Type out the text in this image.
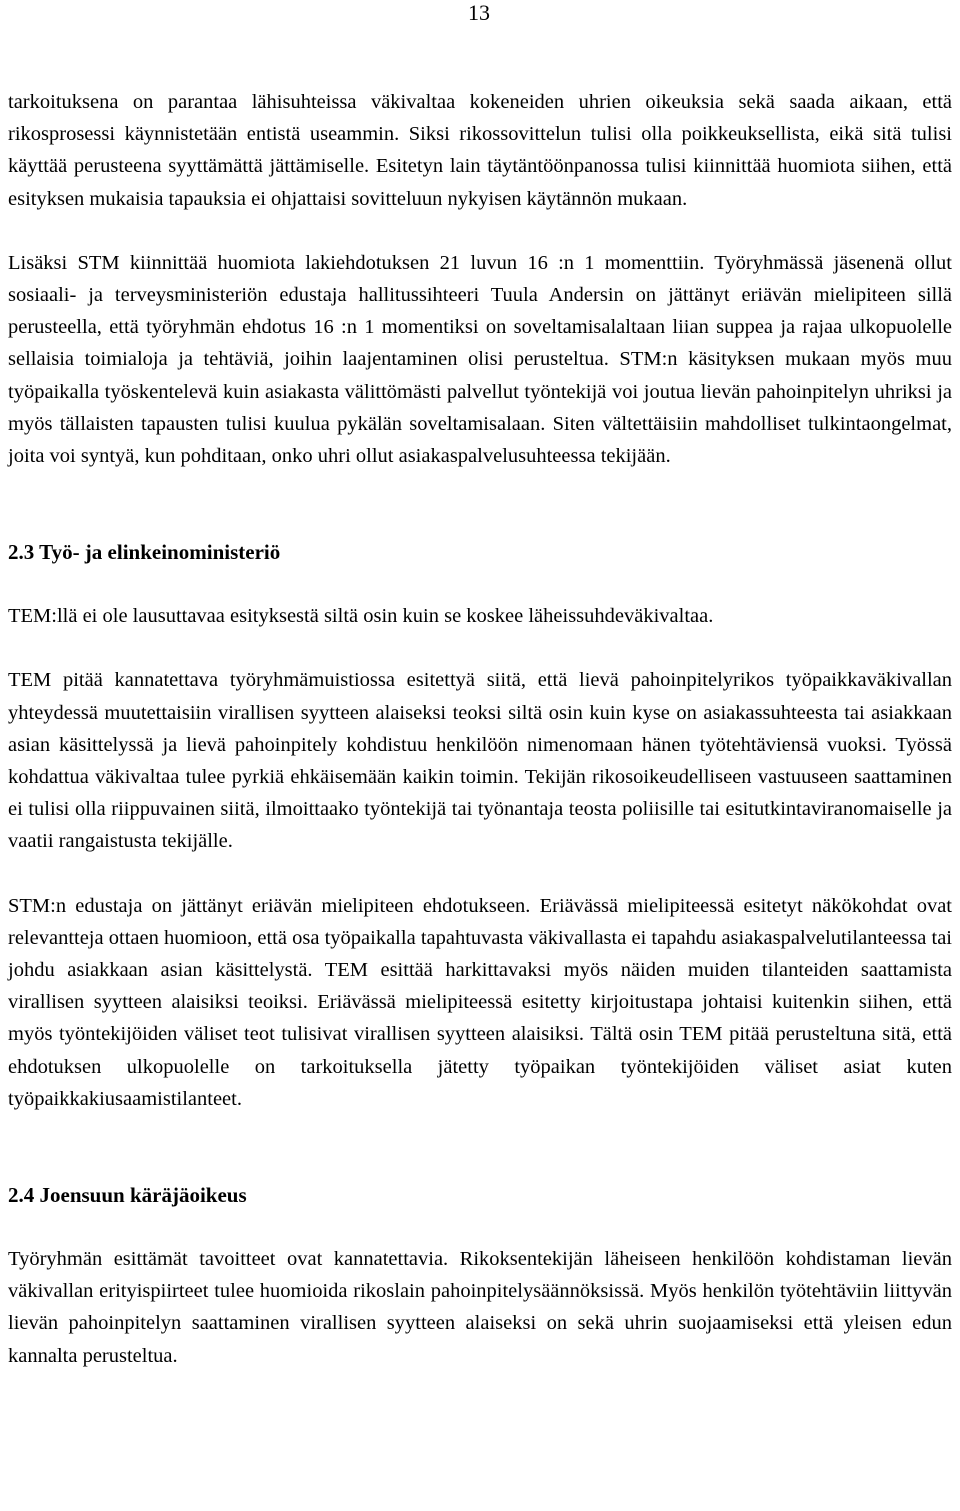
13

tarkoituksena on parantaa lähisuhteissa väkivaltaa kokeneiden uhrien oikeuksia sekä saada aikaan, että rikosprosessi käynnistetään entistä useammin. Siksi rikossovittelun tulisi olla poikkeuksellista, eikä sitä tulisi käyttää perusteena syyttämättä jättämiselle. Esitetyn lain täytäntöönpanossa tulisi kiinnittää huomiota siihen, että esityksen mukaisia tapauksia ei ohjattaisi sovitteluun nykyisen käytännön mukaan.

Lisäksi STM kiinnittää huomiota lakiehdotuksen 21 luvun 16 :n 1 momenttiin. Työryhmässä jäsenenä ollut sosiaali- ja terveysministeriön edustaja hallitussihteeri Tuula Andersin on jättänyt eriävän mielipiteen sillä perusteella, että työryhmän ehdotus 16 :n 1 momentiksi on soveltamisalaltaan liian suppea ja rajaa ulkopuolelle sellaisia toimialoja ja tehtäviä, joihin laajentaminen olisi perusteltua. STM:n käsityksen mukaan myös muu työpaikalla työskentelevä kuin asiakasta välittömästi palvellut työntekijä voi joutua lievän pahoinpitelyn uhriksi ja myös tällaisten tapausten tulisi kuulua pykälän soveltamisalaan. Siten vältettäisiin mahdolliset tulkintaongelmat, joita voi syntyä, kun pohditaan, onko uhri ollut asiakaspalvelusuhteessa tekijään.

2.3 Työ- ja elinkeinoministeriö

TEM:llä ei ole lausuttavaa esityksestä siltä osin kuin se koskee läheissuhdeväkivaltaa.

TEM pitää kannatettava työryhmämuistiossa esitettyä siitä, että lievä pahoinpitelyrikos työpaikkaväkivallan yhteydessä muutettaisiin virallisen syytteen alaiseksi teoksi siltä osin kuin kyse on asiakassuhteesta tai asiakkaan asian käsittelyssä ja lievä pahoinpitely kohdistuu henkilöön nimenomaan hänen työtehtäviensä vuoksi. Työssä kohdattua väkivaltaa tulee pyrkiä ehkäisemään kaikin toimin. Tekijän rikosoikeudelliseen vastuuseen saattaminen ei tulisi olla riippuvainen siitä, ilmoittaako työntekijä tai työnantaja teosta poliisille tai esitutkintaviranomaiselle ja vaatii rangaistusta tekijälle.

STM:n edustaja on jättänyt eriävän mielipiteen ehdotukseen. Eriävässä mielipiteessä esitetyt näkökohdat ovat relevantteja ottaen huomioon, että osa työpaikalla tapahtuvasta väkivallasta ei tapahdu asiakaspalvelutilanteessa tai johdu asiakkaan asian käsittelystä. TEM esittää harkittavaksi myös näiden muiden tilanteiden saattamista virallisen syytteen alaisiksi teoiksi. Eriävässä mielipiteessä esitetty kirjoitustapa johtaisi kuitenkin siihen, että myös työntekijöiden väliset teot tulisivat virallisen syytteen alaisiksi. Tältä osin TEM pitää perusteltuna sitä, että ehdotuksen ulkopuolelle on tarkoituksella jätetty työpaikan työntekijöiden väliset asiat kuten työpaikkakiusaamistilanteet.

2.4 Joensuun käräjäoikeus

Työryhmän esittämät tavoitteet ovat kannatettavia. Rikoksentekijän läheiseen henkilöön kohdistaman lievän väkivallan erityispiirteet tulee huomioida rikoslain pahoinpitelysäännöksissä. Myös henkilön työtehtäviin liittyvän lievän pahoinpitelyn saattaminen virallisen syytteen alaiseksi on sekä uhrin suojaamiseksi että yleisen edun kannalta perusteltua.
